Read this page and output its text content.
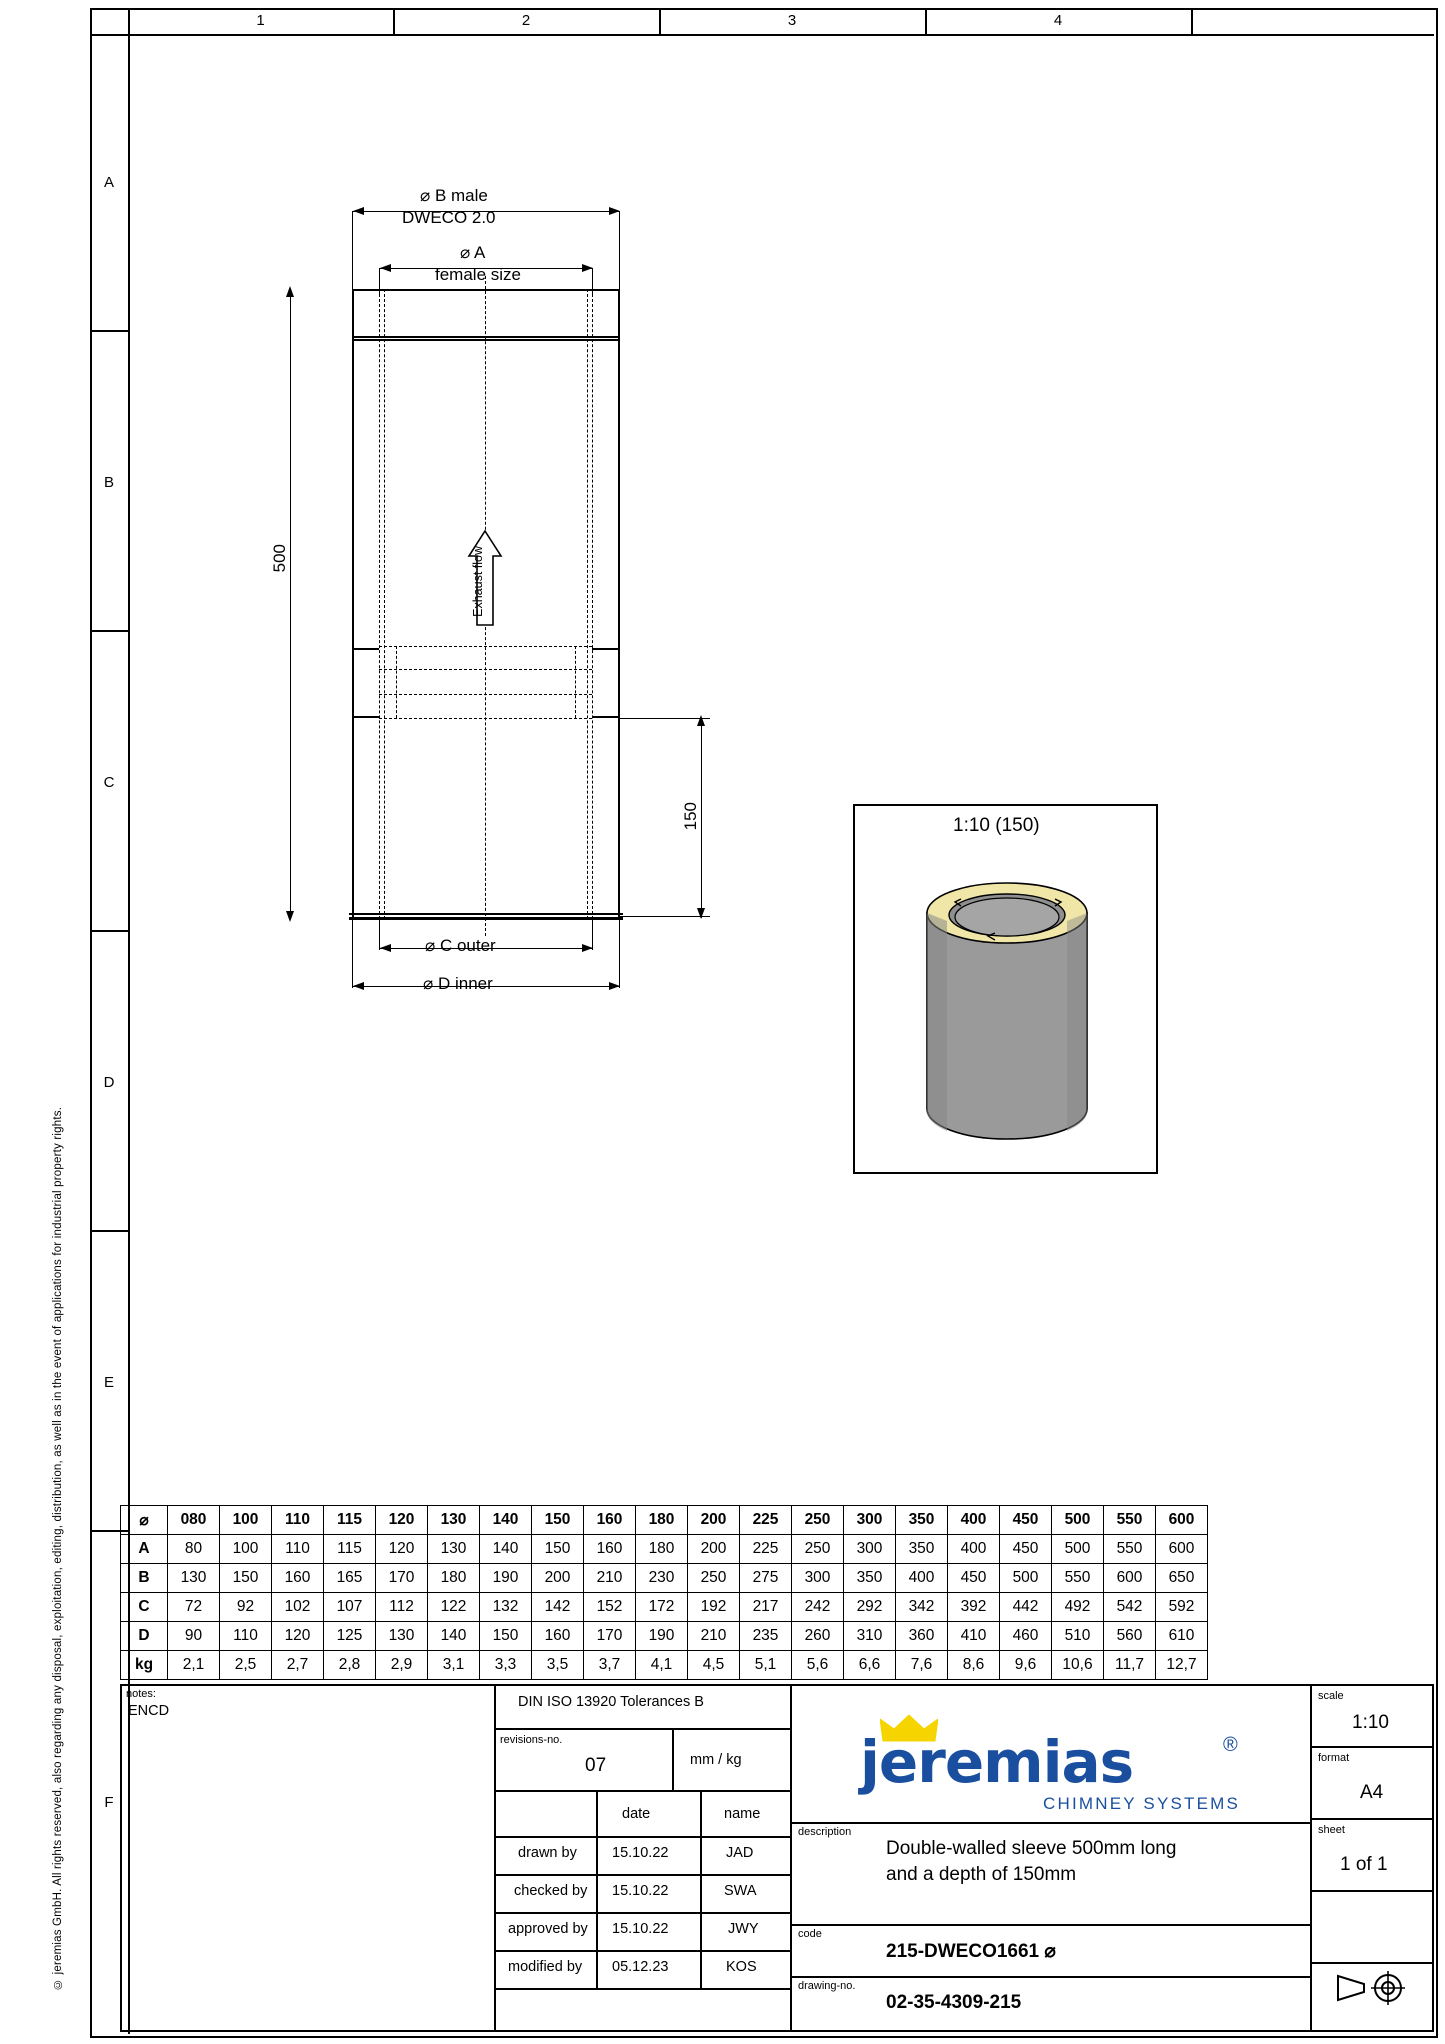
1	2	3	4
A
B
C
D
E
F
© jeremias GmbH. All rights reserved, also regarding any disposal, exploitation, editing, distribution, as well as in the event of applications for industrial property rights.
⌀ B male
DWECO 2.0
⌀ A
female size
Exhaust flow
500
150
⌀ C outer
⌀ D inner
1:10 (150)
⌀	080	100	110	115	120	130	140	150	160	180	200	225	250	300	350	400	450	500	550	600
A	80	100	110	115	120	130	140	150	160	180	200	225	250	300	350	400	450	500	550	600
B	130	150	160	165	170	180	190	200	210	230	250	275	300	350	400	450	500	550	600	650
C	72	92	102	107	112	122	132	142	152	172	192	217	242	292	342	392	442	492	542	592
D	90	110	120	125	130	140	150	160	170	190	210	235	260	310	360	410	460	510	560	610
kg	2,1	2,5	2,7	2,8	2,9	3,1	3,3	3,5	3,7	4,1	4,5	5,1	5,6	6,6	7,6	8,6	9,6	10,6	11,7	12,7
notes:
ENCD
DIN ISO 13920 Tolerances B
revisions-no.
07	mm / kg
date	name
drawn by 15.10.22	JAD
checked by 15.10.22	SWA
approved by 15.10.22	JWY
modified by 05.12.23	KOS
jeremias	®
CHIMNEY SYSTEMS
description
Double-walled sleeve 500mm long
and a depth of 150mm
code
215-DWECO1661 ⌀
drawing-no.
02-35-4309-215
scale
1:10
format
A4
sheet
1 of 1
